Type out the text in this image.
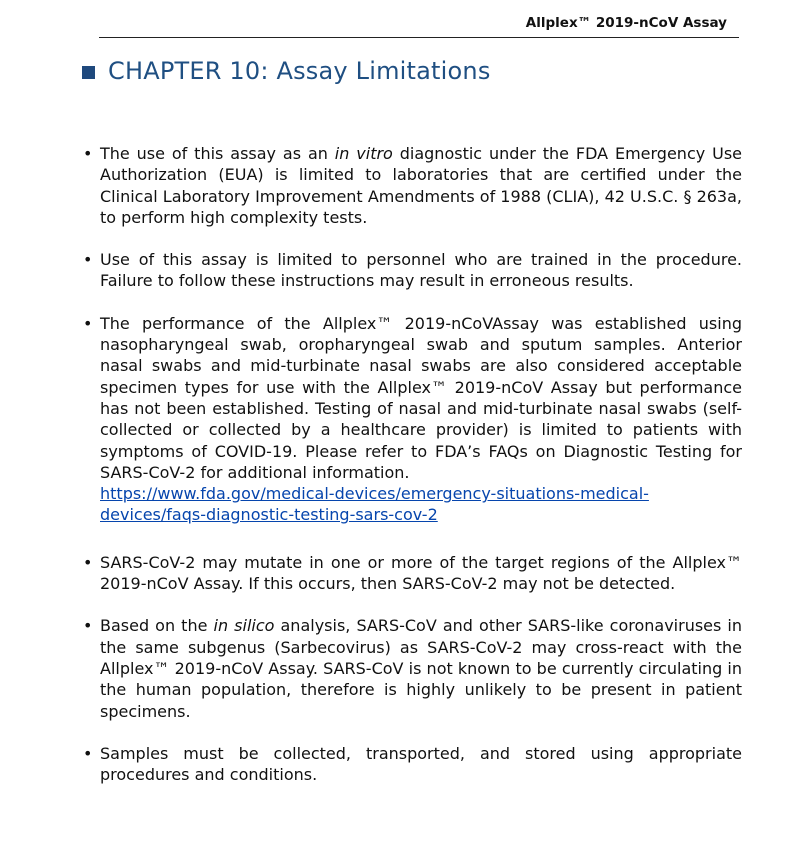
Allplex™ 2019-nCoV Assay
CHAPTER 10: Assay Limitations
• The use of this assay as an in vitro diagnostic under the FDA Emergency Use Authorization (EUA) is limited to laboratories that are certified under the Clinical Laboratory Improvement Amendments of 1988 (CLIA), 42 U.S.C. § 263a, to perform high complexity tests.
• Use of this assay is limited to personnel who are trained in the procedure. Failure to follow these instructions may result in erroneous results.
• The performance of the Allplex™ 2019-nCoVAssay was established using nasopharyngeal swab, oropharyngeal swab and sputum samples. Anterior nasal swabs and mid-turbinate nasal swabs are also considered acceptable specimen types for use with the Allplex™ 2019-nCoV Assay but performance has not been established. Testing of nasal and mid-turbinate nasal swabs (self-collected or collected by a healthcare provider) is limited to patients with symptoms of COVID-19. Please refer to FDA’s FAQs on Diagnostic Testing for SARS-CoV-2 for additional information.
https://www.fda.gov/medical-devices/emergency-situations-medical-
devices/faqs-diagnostic-testing-sars-cov-2
• SARS-CoV-2 may mutate in one or more of the target regions of the Allplex™ 2019-nCoV Assay. If this occurs, then SARS-CoV-2 may not be detected.
• Based on the in silico analysis, SARS-CoV and other SARS-like coronaviruses in the same subgenus (Sarbecovirus) as SARS-CoV-2 may cross-react with the Allplex™ 2019-nCoV Assay. SARS-CoV is not known to be currently circulating in the human population, therefore is highly unlikely to be present in patient specimens.
• Samples must be collected, transported, and stored using appropriate procedures and conditions.
